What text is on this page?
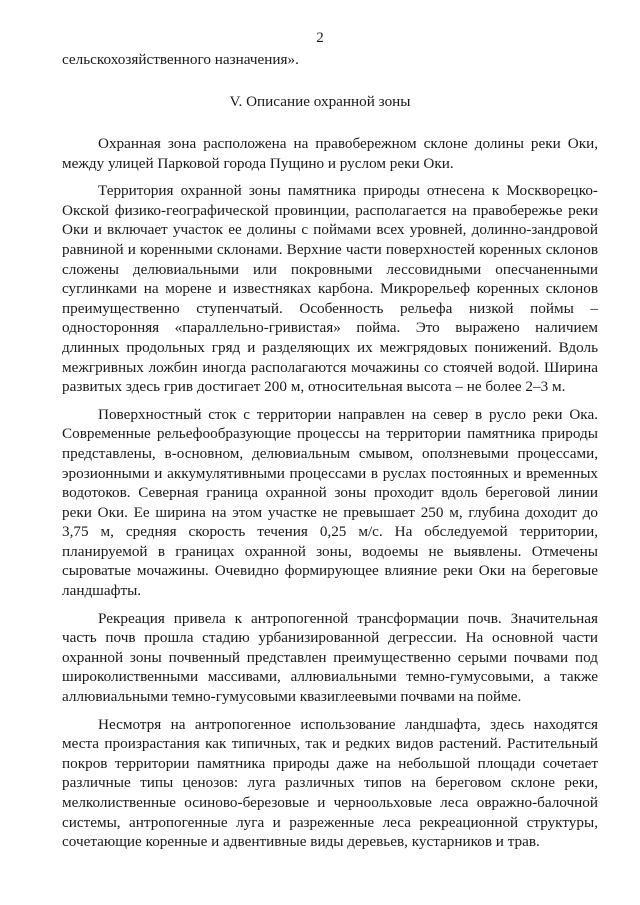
2
сельскохозяйственного назначения».
V. Описание охранной зоны

Охранная зона расположена на правобережном склоне долины реки Оки, между улицей Парковой города Пущино и руслом реки Оки.

Территория охранной зоны памятника природы отнесена к Москворецко-Окской физико-географической провинции, располагается на правобережье реки Оки и включает участок ее долины с поймами всех уровней, долинно-зандровой равниной и коренными склонами. Верхние части поверхностей коренных склонов сложены делювиальными или покровными лессовидными опесчаненными суглинками на морене и известняках карбона. Микрорельеф коренных склонов преимущественно ступенчатый. Особенность рельефа низкой поймы – односторонняя «параллельно-гривистая» пойма. Это выражено наличием длинных продольных гряд и разделяющих их межгрядовых понижений. Вдоль межгривных ложбин иногда располагаются мочажины со стоячей водой. Ширина развитых здесь грив достигает 200 м, относительная высота – не более 2–3 м.

Поверхностный сток с территории направлен на север в русло реки Ока. Современные рельефообразующие процессы на территории памятника природы представлены, в-основном, делювиальным смывом, оползневыми процессами, эрозионными и аккумулятивными процессами в руслах постоянных и временных водотоков. Северная граница охранной зоны проходит вдоль береговой линии реки Оки. Ее ширина на этом участке не превышает 250 м, глубина доходит до 3,75 м, средняя скорость течения 0,25 м/с. На обследуемой территории, планируемой в границах охранной зоны, водоемы не выявлены. Отмечены сыроватые мочажины. Очевидно формирующее влияние реки Оки на береговые ландшафты.

Рекреация привела к антропогенной трансформации почв. Значительная часть почв прошла стадию урбанизированной дегрессии. На основной части охранной зоны почвенный представлен преимущественно серыми почвами под широколиственными массивами, аллювиальными темно-гумусовыми, а также аллювиальными темно-гумусовыми квазиглеевыми почвами на пойме.

Несмотря на антропогенное использование ландшафта, здесь находятся места произрастания как типичных, так и редких видов растений. Растительный покров территории памятника природы даже на небольшой площади сочетает различные типы ценозов: луга различных типов на береговом склоне реки, мелколиственные осиново-березовые и черноольховые леса овражно-балочной системы, антропогенные луга и разреженные леса рекреационной структуры, сочетающие коренные и адвентивные виды деревьев, кустарников и трав.
